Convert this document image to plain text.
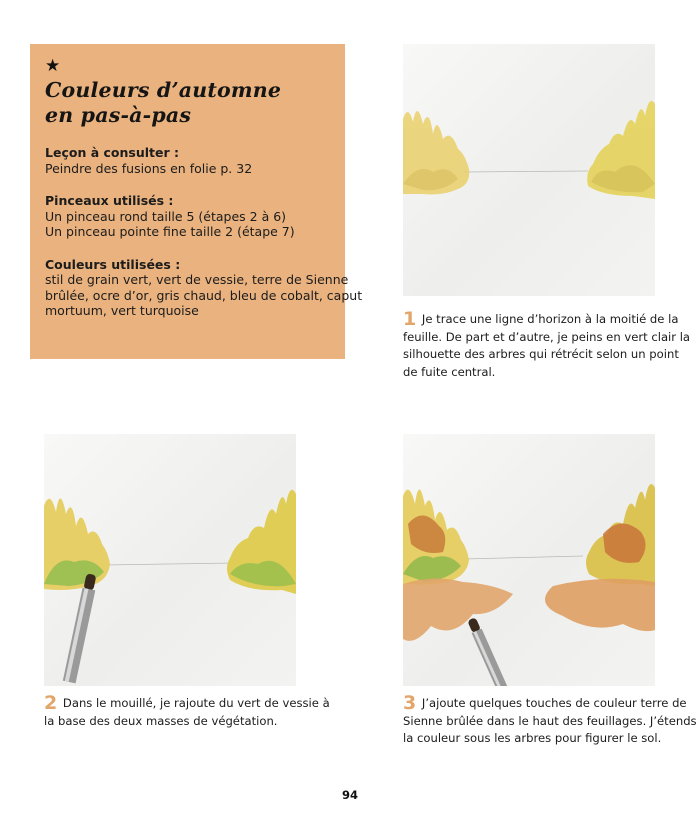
★
Couleurs d’automne
en pas-à-pas
Leçon à consulter :
Peindre des fusions en folie p. 32
Pinceaux utilisés :
Un pinceau rond taille 5 (étapes 2 à 6)
Un pinceau pointe fine taille 2 (étape 7)
Couleurs utilisées :
stil de grain vert, vert de vessie, terre de Sienne
brûlée, ocre d’or, gris chaud, bleu de cobalt, caput
mortuum, vert turquoise	1 Je trace une ligne d’horizon à la moitié de la
feuille. De part et d’autre, je peins en vert clair la
silhouette des arbres qui rétrécit selon un point
de fuite central.
2 Dans le mouillé, je rajoute du vert de vessie à
la base des deux masses de végétation.
3 J’ajoute quelques touches de couleur terre de
Sienne brûlée dans le haut des feuillages. J’étends
la couleur sous les arbres pour figurer le sol.
94
